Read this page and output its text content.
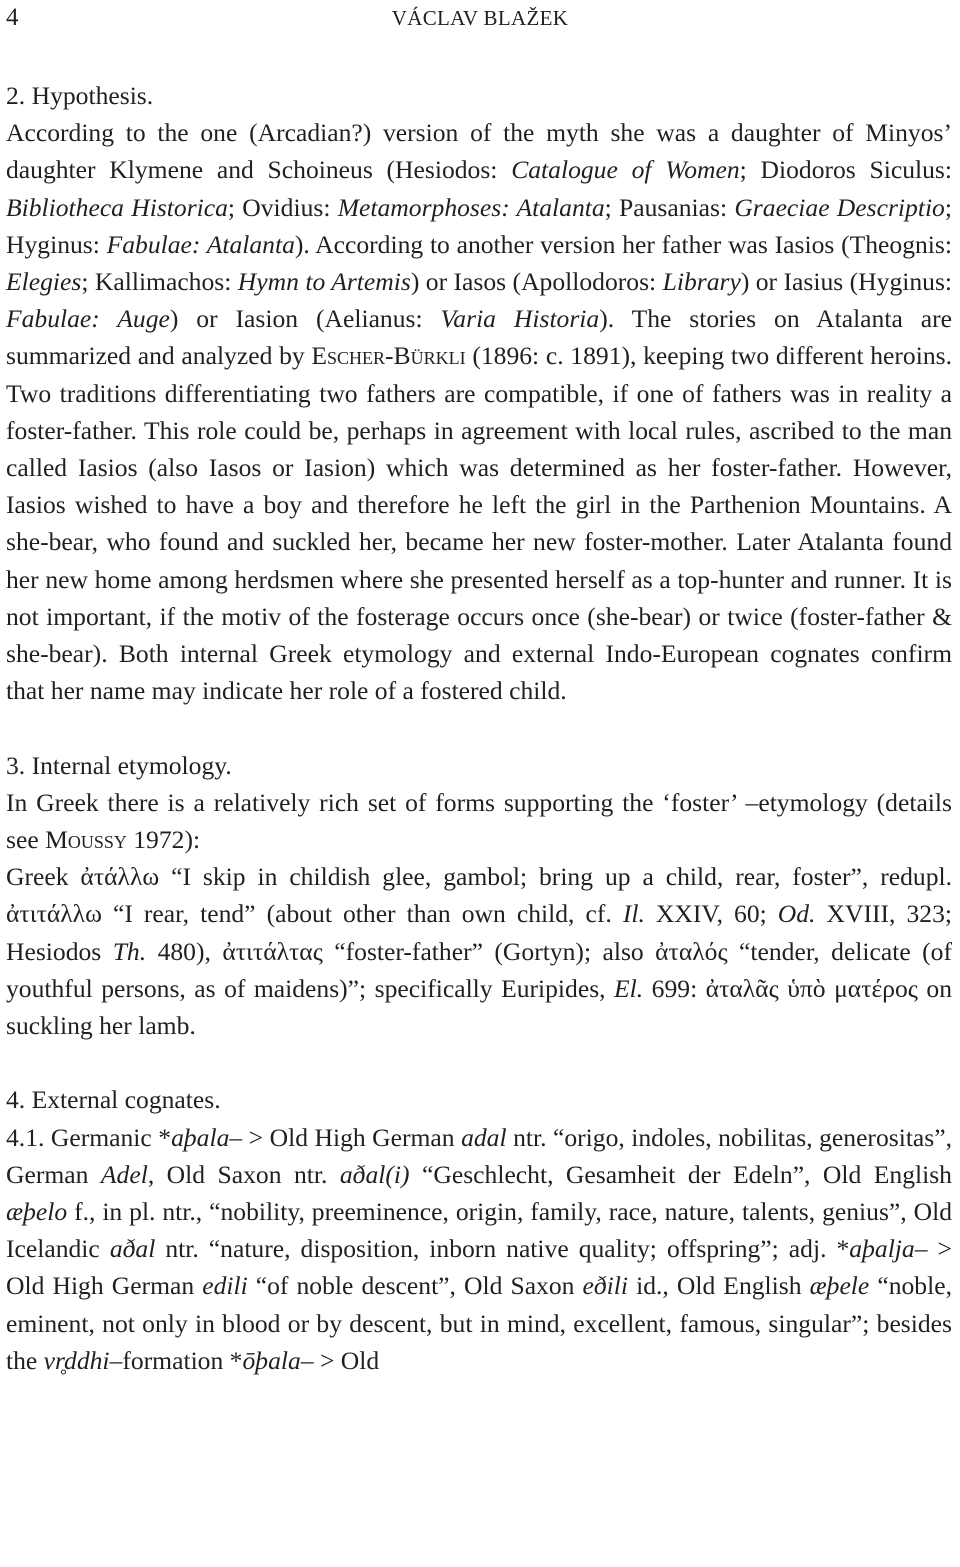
4	VÁCLAV BLAŽEK

2. Hypothesis.

According to the one (Arcadian?) version of the myth she was a daughter of Minyos’ daughter Klymene and Schoineus (Hesiodos: Catalogue of Women; Diodoros Siculus: Bibliotheca Historica; Ovidius: Metamorphoses: Atalanta; Pausanias: Graeciae Descriptio; Hyginus: Fabulae: Atalanta). According to another version her father was Iasios (Theognis: Elegies; Kallimachos: Hymn to Artemis) or Iasos (Apollodoros: Library) or Iasius (Hyginus: Fabulae: Auge) or Iasion (Aelianus: Varia Historia). The stories on Atalanta are summarized and analyzed by Escher-Bürkli (1896: c. 1891), keeping two different heroins. Two traditions differentiating two fathers are compatible, if one of fathers was in reality a foster-father. This role could be, perhaps in agreement with local rules, ascribed to the man called Iasios (also Iasos or Iasion) which was determined as her foster-father. However, Iasios wished to have a boy and therefore he left the girl in the Parthenion Mountains. A she-bear, who found and suckled her, became her new foster-mother. Later Atalanta found her new home among herdsmen where she presented herself as a top-hunter and runner. It is not important, if the motiv of the fosterage occurs once (she-bear) or twice (foster-father & she-bear). Both internal Greek etymology and external Indo-European cognates confirm that her name may indicate her role of a fostered child.

3. Internal etymology.

In Greek there is a relatively rich set of forms supporting the ‘foster’ –etymology (details see Moussy 1972):

Greek ἀτάλλω “I skip in childish glee, gambol; bring up a child, rear, foster”, redupl. ἀτιτάλλω “I rear, tend” (about other than own child, cf. Il. XXIV, 60; Od. XVIII, 323; Hesiodos Th. 480), ἀτιτάλτας “foster-father” (Gortyn); also ἀταλός “tender, delicate (of youthful persons, as of maidens)”; specifically Euripides, El. 699: ἀταλᾶς ὑπὸ ματέρος on suckling her lamb.

4. External cognates.

4.1. Germanic *aþala– > Old High German adal ntr. “origo, indoles, nobilitas, generositas”, German Adel, Old Saxon ntr. aðal(i) “Geschlecht, Gesamheit der Edeln”, Old English æþelo f., in pl. ntr., “nobility, preeminence, origin, family, race, nature, talents, genius”, Old Icelandic aðal ntr. “nature, disposition, inborn native quality; offspring”; adj. *aþalja– > Old High German edili “of noble descent”, Old Saxon eðili id., Old English æþele “noble, eminent, not only in blood or by descent, but in mind, excellent, famous, singular”; besides the vr̥ddhi–formation *ōþala– > Old
